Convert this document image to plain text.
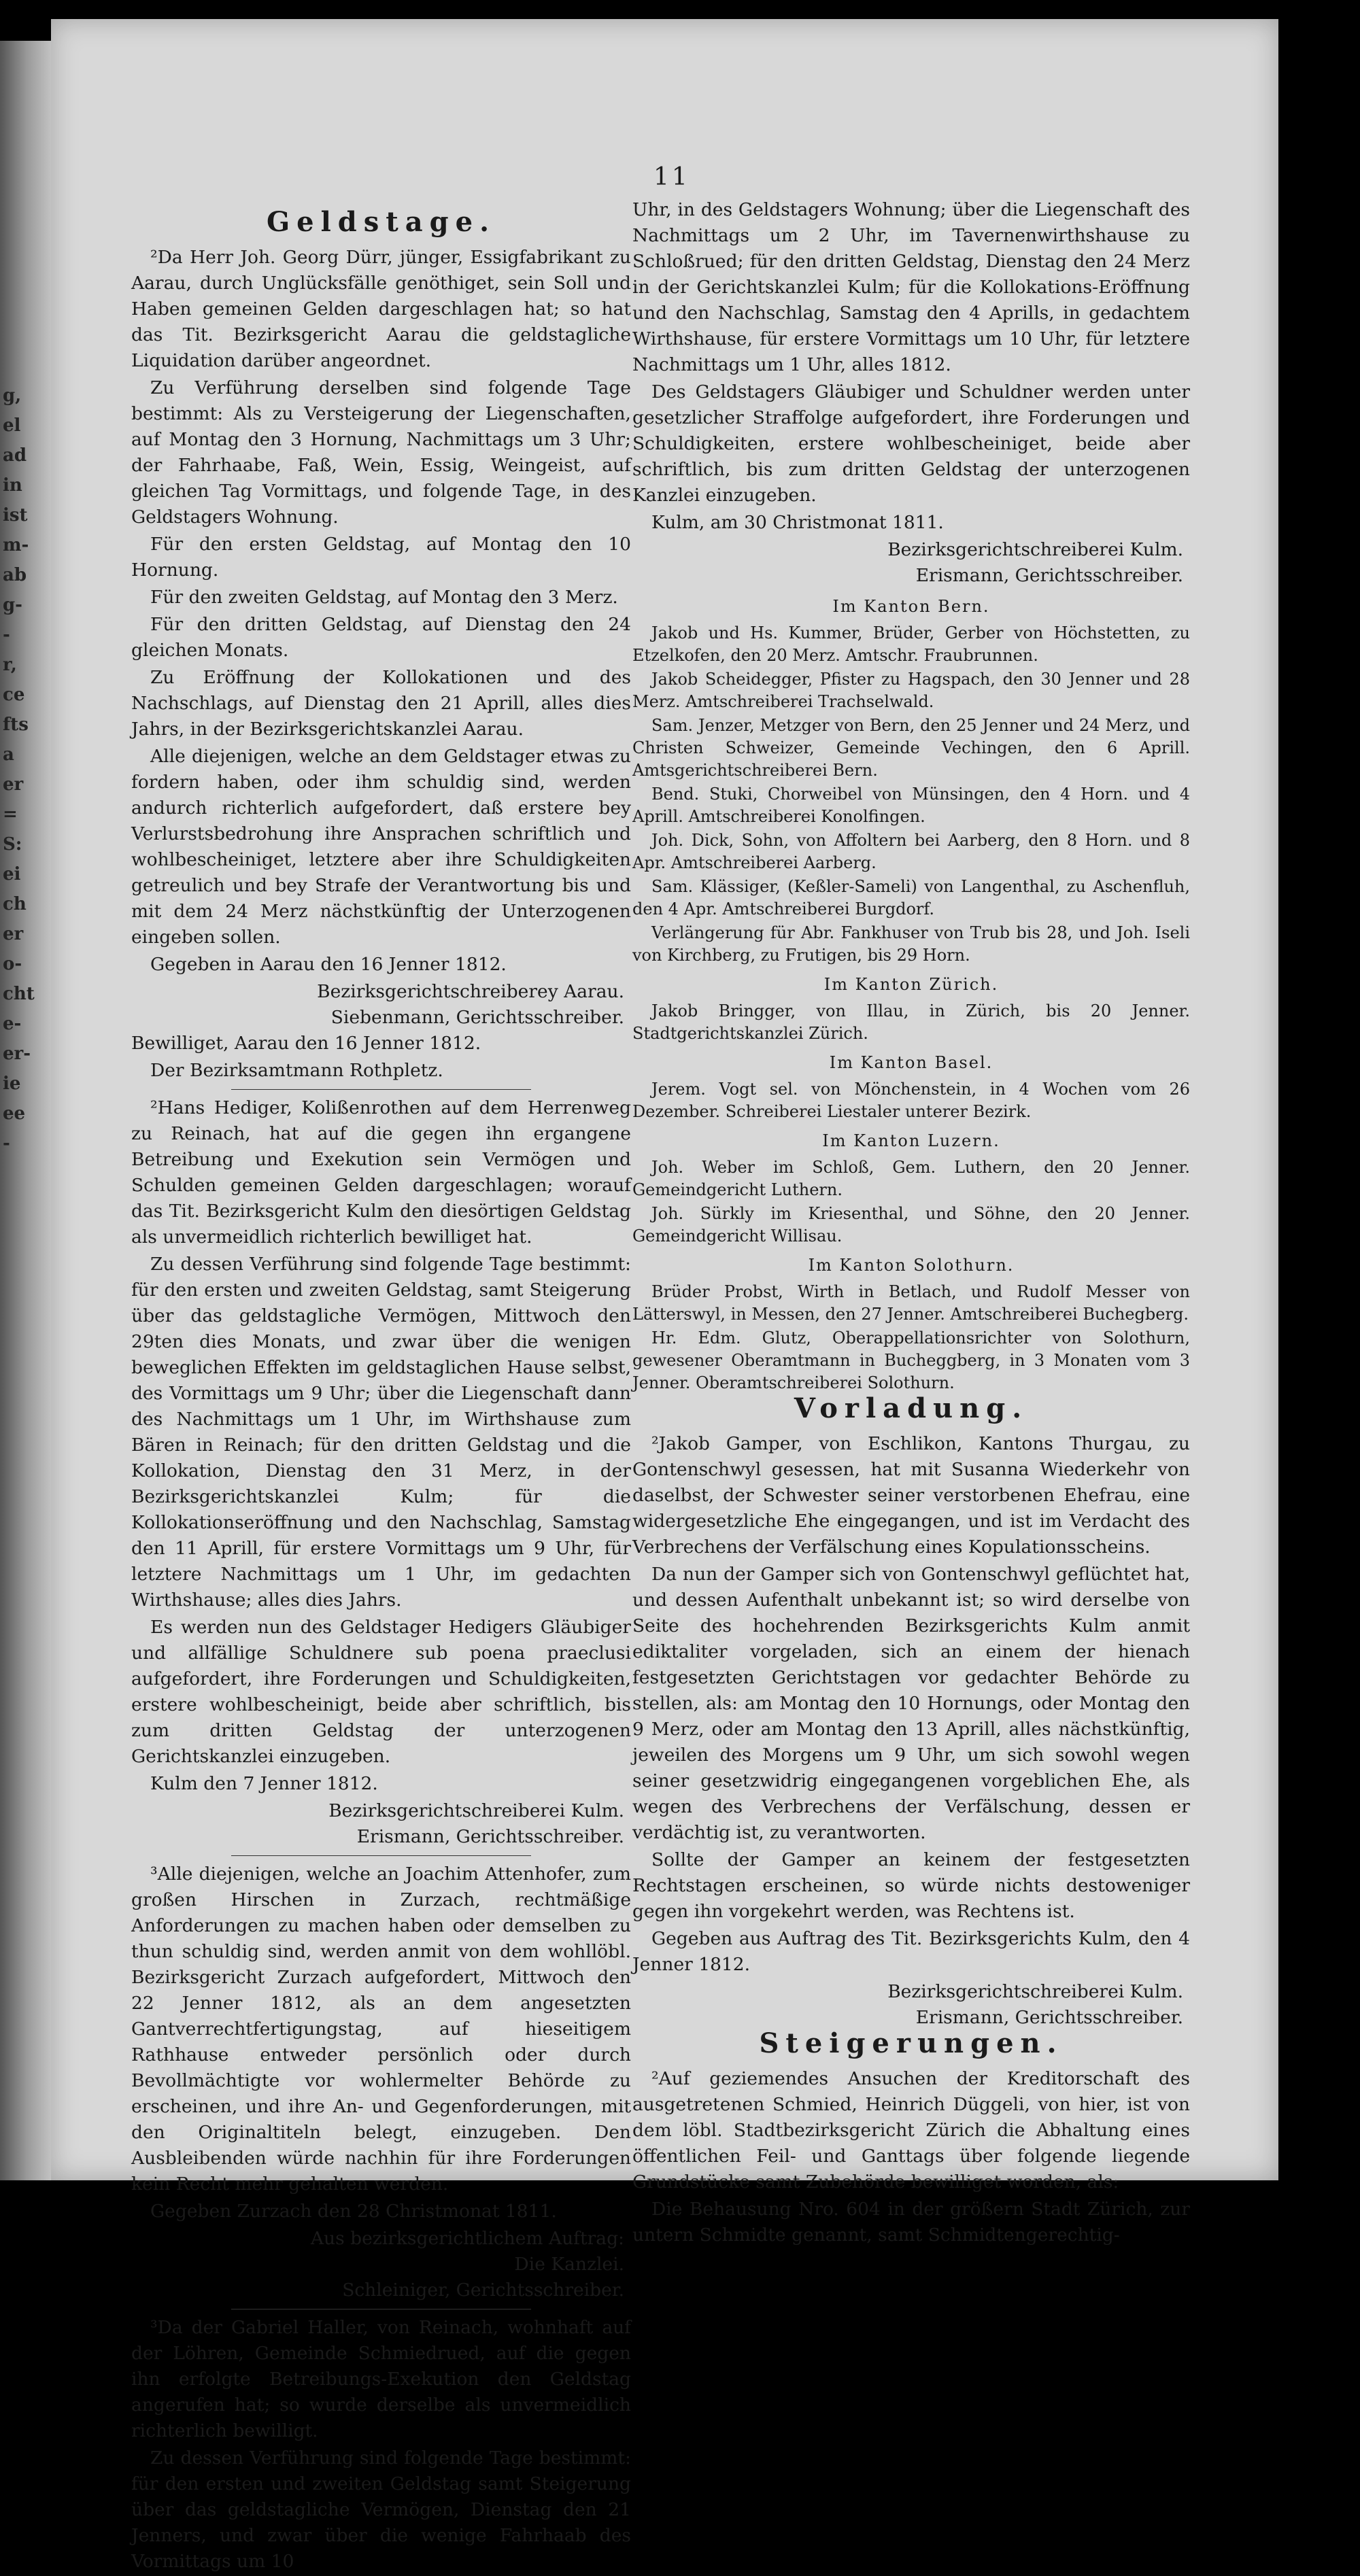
g,
el
ad
in
ist
m-
ab
g-
-
r,
ce
fts
a
er
=
S:
ei
ch
er
o-
cht
e-
er-
ie
ee
-
11
Geldstage.

²Da Herr Joh. Georg Dürr, jünger, Essigfabrikant zu Aarau, durch Unglücksfälle genöthiget, sein Soll und Haben gemeinen Gelden dargeschlagen hat; so hat das Tit. Bezirksgericht Aarau die geldstagliche Liquidation darüber angeordnet.

Zu Verführung derselben sind folgende Tage bestimmt: Als zu Versteigerung der Liegenschaften, auf Montag den 3 Hornung, Nachmittags um 3 Uhr; der Fahrhaabe, Faß, Wein, Essig, Weingeist, auf gleichen Tag Vormittags, und folgende Tage, in des Geldstagers Wohnung.

Für den ersten Geldstag, auf Montag den 10 Hornung.

Für den zweiten Geldstag, auf Montag den 3 Merz.

Für den dritten Geldstag, auf Dienstag den 24 gleichen Monats.

Zu Eröffnung der Kollokationen und des Nachschlags, auf Dienstag den 21 Aprill, alles dies Jahrs, in der Bezirksgerichtskanzlei Aarau.

Alle diejenigen, welche an dem Geldstager etwas zu fordern haben, oder ihm schuldig sind, werden andurch richterlich aufgefordert, daß erstere bey Verlurstsbedrohung ihre Ansprachen schriftlich und wohlbescheiniget, letztere aber ihre Schuldigkeiten getreulich und bey Strafe der Verantwortung bis und mit dem 24 Merz nächstkünftig der Unterzogenen eingeben sollen.

Gegeben in Aarau den 16 Jenner 1812.

Bezirksgerichtschreiberey Aarau.
Siebenmann, Gerichtsschreiber.

Bewilliget, Aarau den 16 Jenner 1812.

Der Bezirksamtmann Rothpletz.

²Hans Hediger, Kolißenrothen auf dem Herrenweg zu Reinach, hat auf die gegen ihn ergangene Betreibung und Exekution sein Vermögen und Schulden gemeinen Gelden dargeschlagen; worauf das Tit. Bezirksgericht Kulm den diesörtigen Geldstag als unvermeidlich richterlich bewilliget hat.

Zu dessen Verführung sind folgende Tage bestimmt: für den ersten und zweiten Geldstag, samt Steigerung über das geldstagliche Vermögen, Mittwoch den 29ten dies Monats, und zwar über die wenigen beweglichen Effekten im geldstaglichen Hause selbst, des Vormittags um 9 Uhr; über die Liegenschaft dann des Nachmittags um 1 Uhr, im Wirthshause zum Bären in Reinach; für den dritten Geldstag und die Kollokation, Dienstag den 31 Merz, in der Bezirksgerichtskanzlei Kulm; für die Kollokationseröffnung und den Nachschlag, Samstag den 11 Aprill, für erstere Vormittags um 9 Uhr, für letztere Nachmittags um 1 Uhr, im gedachten Wirthshause; alles dies Jahrs.

Es werden nun des Geldstager Hedigers Gläubiger und allfällige Schuldnere sub poena praeclusi aufgefordert, ihre Forderungen und Schuldigkeiten, erstere wohlbescheinigt, beide aber schriftlich, bis zum dritten Geldstag der unterzogenen Gerichtskanzlei einzugeben.

Kulm den 7 Jenner 1812.

Bezirksgerichtschreiberei Kulm.
Erismann, Gerichtsschreiber.

³Alle diejenigen, welche an Joachim Attenhofer, zum großen Hirschen in Zurzach, rechtmäßige Anforderungen zu machen haben oder demselben zu thun schuldig sind, werden anmit von dem wohllöbl. Bezirksgericht Zurzach aufgefordert, Mittwoch den 22 Jenner 1812, als an dem angesetzten Gantverrechtfertigungstag, auf hieseitigem Rathhause entweder persönlich oder durch Bevollmächtigte vor wohlermelter Behörde zu erscheinen, und ihre An- und Gegenforderungen, mit den Originaltiteln belegt, einzugeben. Den Ausbleibenden würde nachhin für ihre Forderungen kein Recht mehr gehalten werden.

Gegeben Zurzach den 28 Christmonat 1811.

Aus bezirksgerichtlichem Auftrag:
Die Kanzlei.
Schleiniger, Gerichtsschreiber.

³Da der Gabriel Haller, von Reinach, wohnhaft auf der Löhren, Gemeinde Schmiedrued, auf die gegen ihn erfolgte Betreibungs-Exekution den Geldstag angerufen hat; so wurde derselbe als unvermeidlich richterlich bewilligt.

Zu dessen Verführung sind folgende Tage bestimmt: für den ersten und zweiten Geldstag samt Steigerung über das geldstagliche Vermögen, Dienstag den 21 Jenners, und zwar über die wenige Fahrhaab des Vormittags um 10

Uhr, in des Geldstagers Wohnung; über die Liegenschaft des Nachmittags um 2 Uhr, im Tavernenwirthshause zu Schloßrued; für den dritten Geldstag, Dienstag den 24 Merz in der Gerichtskanzlei Kulm; für die Kollokations-Eröffnung und den Nachschlag, Samstag den 4 Aprills, in gedachtem Wirthshause, für erstere Vormittags um 10 Uhr, für letztere Nachmittags um 1 Uhr, alles 1812.

Des Geldstagers Gläubiger und Schuldner werden unter gesetzlicher Straffolge aufgefordert, ihre Forderungen und Schuldigkeiten, erstere wohlbescheiniget, beide aber schriftlich, bis zum dritten Geldstag der unterzogenen Kanzlei einzugeben.

Kulm, am 30 Christmonat 1811.

Bezirksgerichtschreiberei Kulm.
Erismann, Gerichtsschreiber.
Im Kanton Bern.

Jakob und Hs. Kummer, Brüder, Gerber von Höchstetten, zu Etzelkofen, den 20 Merz. Amtschr. Fraubrunnen.

Jakob Scheidegger, Pfister zu Hagspach, den 30 Jenner und 28 Merz. Amtschreiberei Trachselwald.

Sam. Jenzer, Metzger von Bern, den 25 Jenner und 24 Merz, und Christen Schweizer, Gemeinde Vechingen, den 6 Aprill. Amtsgerichtschreiberei Bern.

Bend. Stuki, Chorweibel von Münsingen, den 4 Horn. und 4 Aprill. Amtschreiberei Konolfingen.

Joh. Dick, Sohn, von Affoltern bei Aarberg, den 8 Horn. und 8 Apr. Amtschreiberei Aarberg.

Sam. Klässiger, (Keßler-Sameli) von Langenthal, zu Aschenfluh, den 4 Apr. Amtschreiberei Burgdorf.

Verlängerung für Abr. Fankhuser von Trub bis 28, und Joh. Iseli von Kirchberg, zu Frutigen, bis 29 Horn.

Im Kanton Zürich.

Jakob Bringger, von Illau, in Zürich, bis 20 Jenner. Stadtgerichtskanzlei Zürich.

Im Kanton Basel.

Jerem. Vogt sel. von Mönchenstein, in 4 Wochen vom 26 Dezember. Schreiberei Liestaler unterer Bezirk.

Im Kanton Luzern.

Joh. Weber im Schloß, Gem. Luthern, den 20 Jenner. Gemeindgericht Luthern.

Joh. Sürkly im Kriesenthal, und Söhne, den 20 Jenner. Gemeindgericht Willisau.

Im Kanton Solothurn.

Brüder Probst, Wirth in Betlach, und Rudolf Messer von Lätterswyl, in Messen, den 27 Jenner. Amtschreiberei Buchegberg.

Hr. Edm. Glutz, Oberappellationsrichter von Solothurn, gewesener Oberamtmann in Bucheggberg, in 3 Monaten vom 3 Jenner. Oberamtschreiberei Solothurn.

Vorladung.

²Jakob Gamper, von Eschlikon, Kantons Thurgau, zu Gontenschwyl gesessen, hat mit Susanna Wiederkehr von daselbst, der Schwester seiner verstorbenen Ehefrau, eine widergesetzliche Ehe eingegangen, und ist im Verdacht des Verbrechens der Verfälschung eines Kopulationsscheins.

Da nun der Gamper sich von Gontenschwyl geflüchtet hat, und dessen Aufenthalt unbekannt ist; so wird derselbe von Seite des hochehrenden Bezirksgerichts Kulm anmit ediktaliter vorgeladen, sich an einem der hienach festgesetzten Gerichtstagen vor gedachter Behörde zu stellen, als: am Montag den 10 Hornungs, oder Montag den 9 Merz, oder am Montag den 13 Aprill, alles nächstkünftig, jeweilen des Morgens um 9 Uhr, um sich sowohl wegen seiner gesetzwidrig eingegangenen vorgeblichen Ehe, als wegen des Verbrechens der Verfälschung, dessen er verdächtig ist, zu verantworten.

Sollte der Gamper an keinem der festgesetzten Rechtstagen erscheinen, so würde nichts destoweniger gegen ihn vorgekehrt werden, was Rechtens ist.

Gegeben aus Auftrag des Tit. Bezirksgerichts Kulm, den 4 Jenner 1812.

Bezirksgerichtschreiberei Kulm.
Erismann, Gerichtsschreiber.
Steigerungen.

²Auf geziemendes Ansuchen der Kreditorschaft des ausgetretenen Schmied, Heinrich Düggeli, von hier, ist von dem löbl. Stadtbezirksgericht Zürich die Abhaltung eines öffentlichen Feil- und Ganttags über folgende liegende Grundstücke samt Zubehörde bewilliget worden, als:

Die Behausung Nro. 604 in der größern Stadt Zürich, zur untern Schmidte genannt, samt Schmidtengerechtig-
